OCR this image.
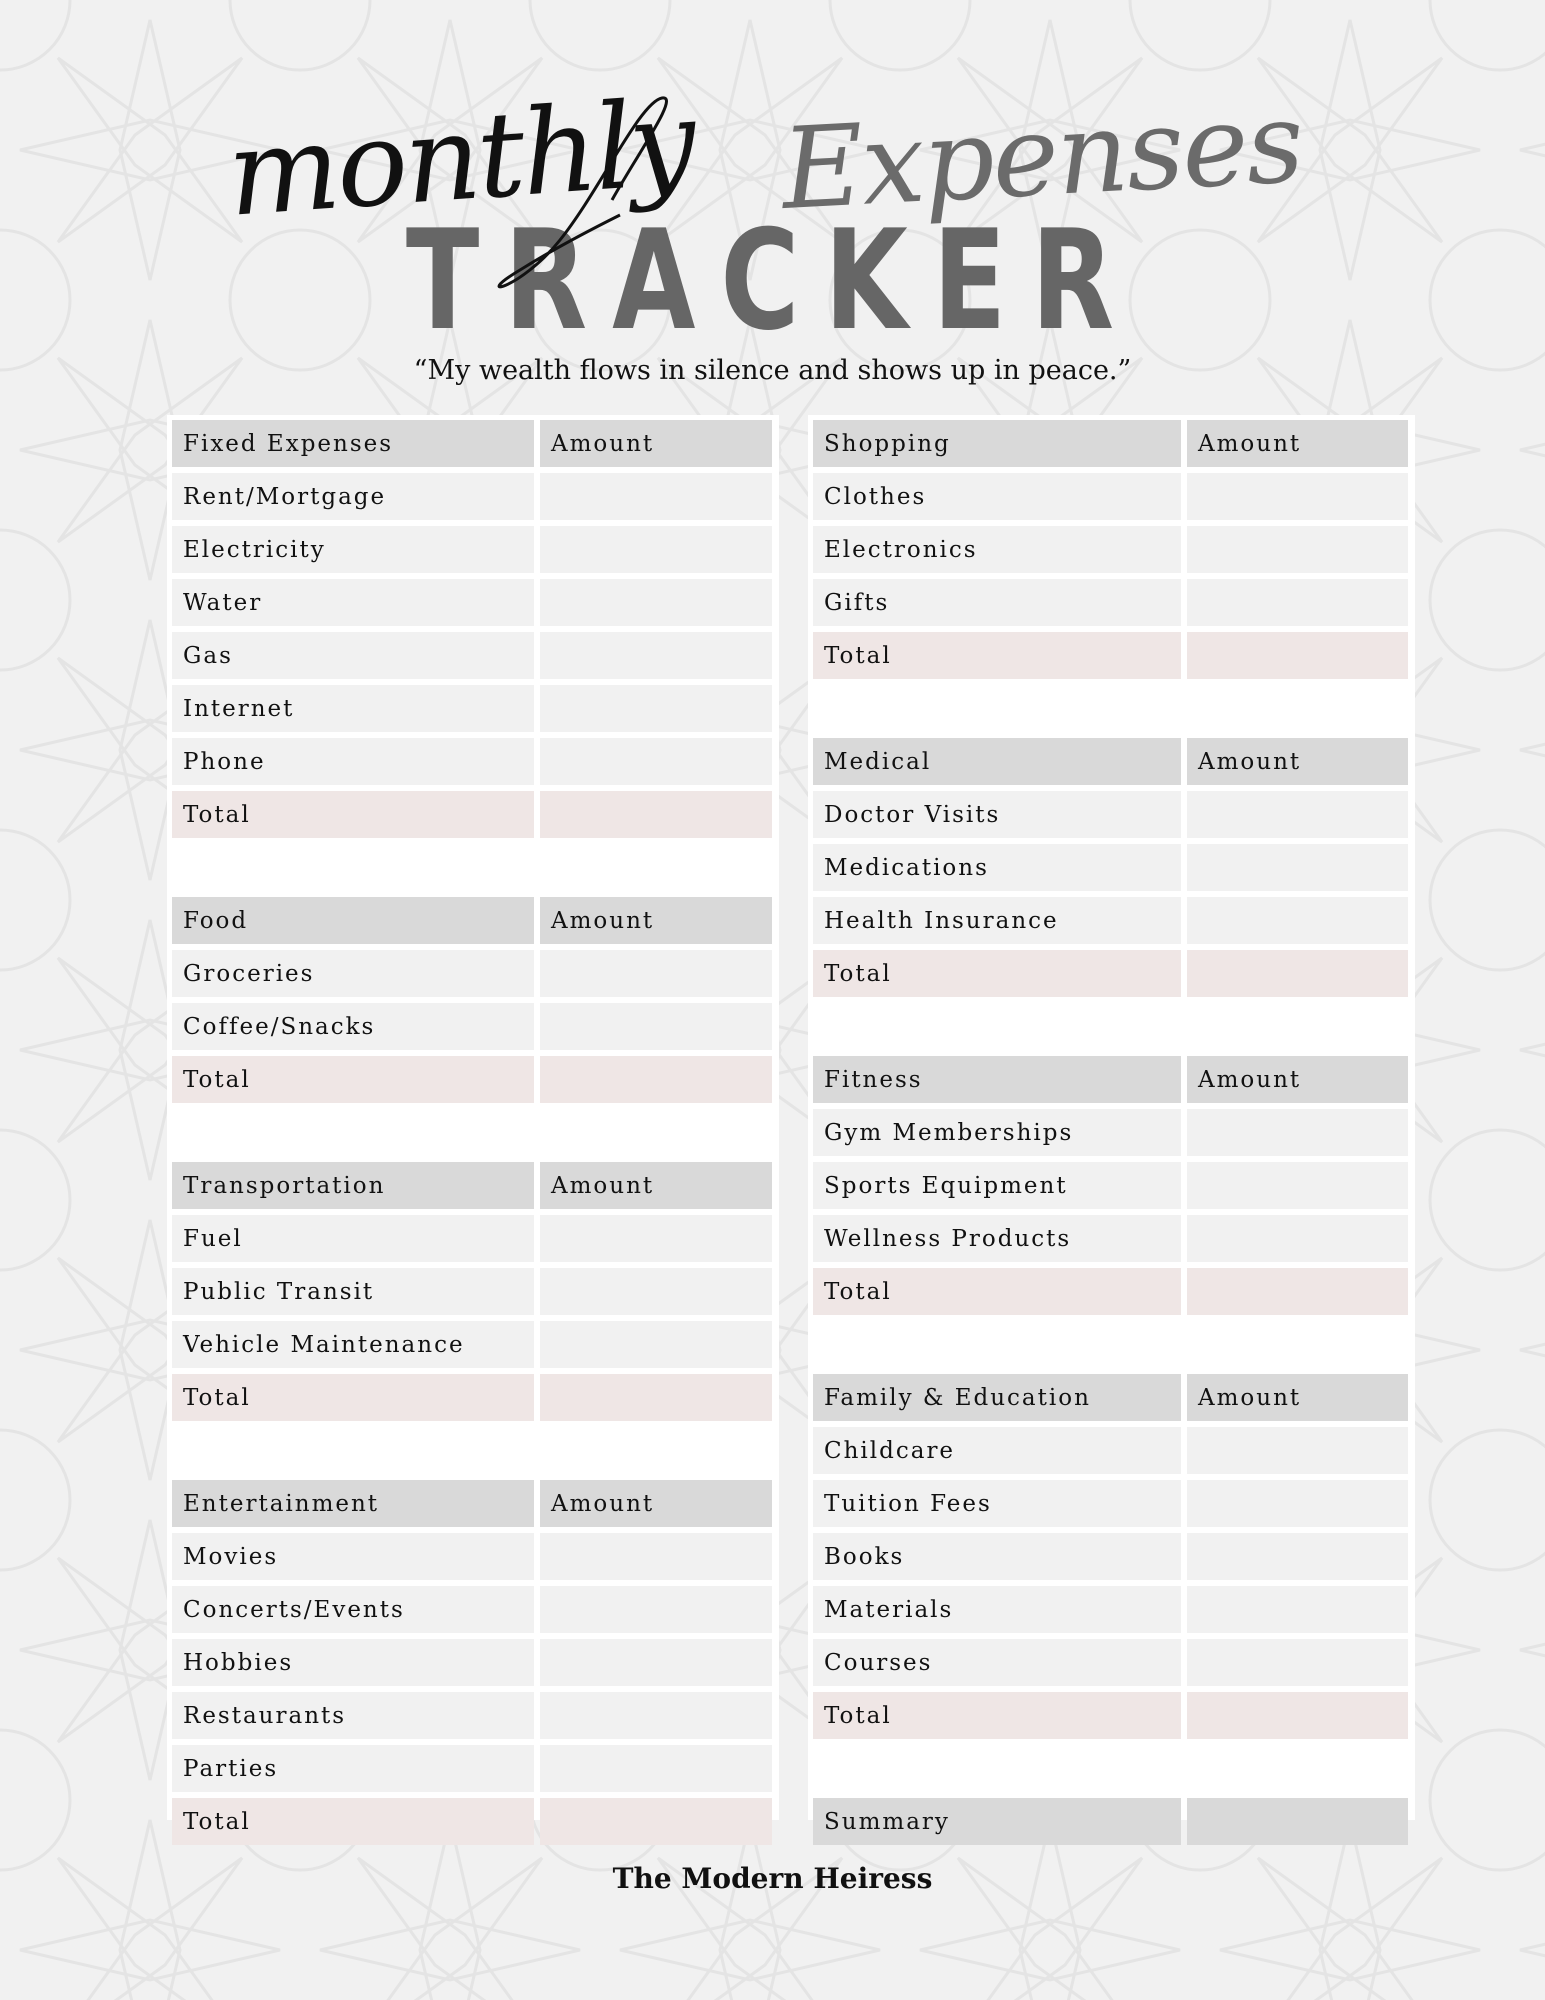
TRACKER
monthly Expenses
“My wealth flows in silence and shows up in peace.”
Fixed Expenses	Amount
Rent/Mortgage
Electricity
Water
Gas
Internet
Phone
Total
Food	Amount
Groceries
Coffee/Snacks
Total
Transportation	Amount
Fuel
Public Transit
Vehicle Maintenance
Total
Entertainment	Amount
Movies
Concerts/Events
Hobbies
Restaurants
Parties
Total
Shopping	Amount
Clothes
Electronics
Gifts
Total
Medical	Amount
Doctor Visits
Medications
Health Insurance
Total
Fitness	Amount
Gym Memberships
Sports Equipment
Wellness Products
Total
Family & Education	Amount
Childcare
Tuition Fees
Books
Materials
Courses
Total
Summary
The Modern Heiress
